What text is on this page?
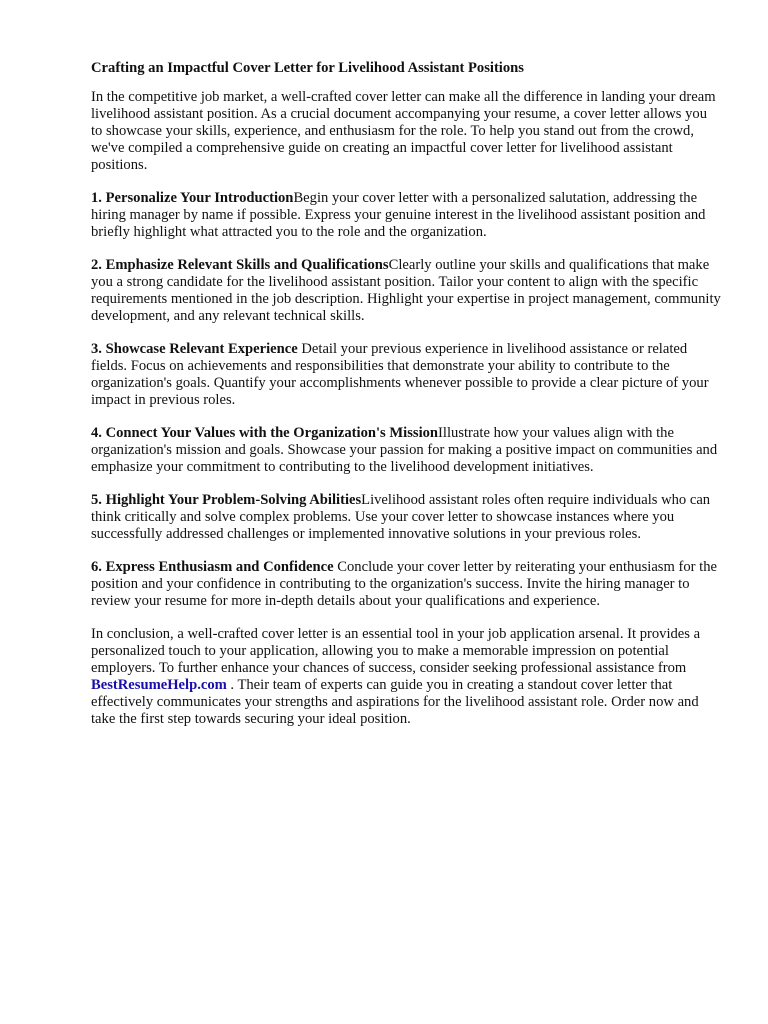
Crafting an Impactful Cover Letter for Livelihood Assistant Positions

In the competitive job market, a well-crafted cover letter can make all the difference in landing your dream livelihood assistant position. As a crucial document accompanying your resume, a cover letter allows you to showcase your skills, experience, and enthusiasm for the role. To help you stand out from the crowd, we've compiled a comprehensive guide on creating an impactful cover letter for livelihood assistant positions.

1. Personalize Your IntroductionBegin your cover letter with a personalized salutation, addressing the hiring manager by name if possible. Express your genuine interest in the livelihood assistant position and briefly highlight what attracted you to the role and the organization.

2. Emphasize Relevant Skills and QualificationsClearly outline your skills and qualifications that make you a strong candidate for the livelihood assistant position. Tailor your content to align with the specific requirements mentioned in the job description. Highlight your expertise in project management, community development, and any relevant technical skills.

3. Showcase Relevant Experience Detail your previous experience in livelihood assistance or related fields. Focus on achievements and responsibilities that demonstrate your ability to contribute to the organization's goals. Quantify your accomplishments whenever possible to provide a clear picture of your impact in previous roles.

4. Connect Your Values with the Organization's MissionIllustrate how your values align with the organization's mission and goals. Showcase your passion for making a positive impact on communities and emphasize your commitment to contributing to the livelihood development initiatives.

5. Highlight Your Problem-Solving AbilitiesLivelihood assistant roles often require individuals who can think critically and solve complex problems. Use your cover letter to showcase instances where you successfully addressed challenges or implemented innovative solutions in your previous roles.

6. Express Enthusiasm and Confidence Conclude your cover letter by reiterating your enthusiasm for the position and your confidence in contributing to the organization's success. Invite the hiring manager to review your resume for more in-depth details about your qualifications and experience.

In conclusion, a well-crafted cover letter is an essential tool in your job application arsenal. It provides a personalized touch to your application, allowing you to make a memorable impression on potential employers. To further enhance your chances of success, consider seeking professional assistance from BestResumeHelp.com . Their team of experts can guide you in creating a standout cover letter that effectively communicates your strengths and aspirations for the livelihood assistant role. Order now and take the first step towards securing your ideal position.
